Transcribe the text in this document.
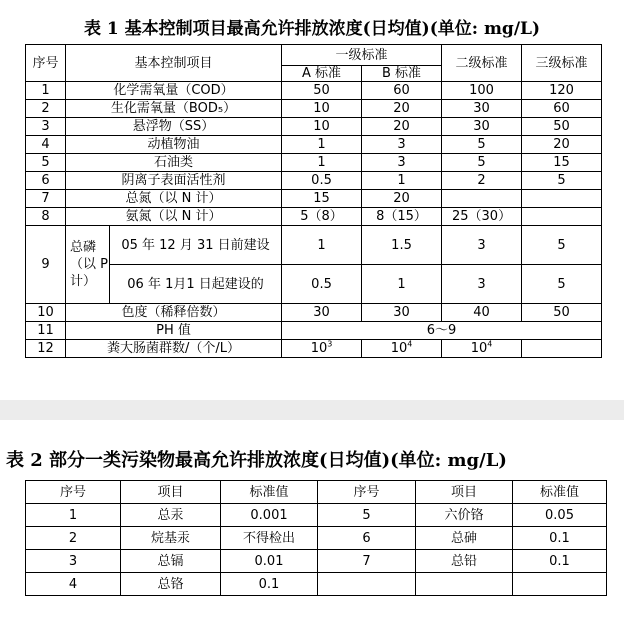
表 1 基本控制项目最高允许排放浓度(日均值)(单位: mg/L)
序号	基本控制项目		一级标准		二级标准	三级标准
			A 标准	B 标准		
1	化学需氧量（COD）		50	60	100	120
2	生化需氧量（BOD₅）		10	20	30	60
3	悬浮物（SS）		10	20	30	50
4	动植物油		1	3	5	20
5	石油类		1	3	5	15
6	阴离子表面活性剂		0.5	1	2	5
7	总氮（以 N 计）		15	20		
8	氨氮（以 N 计）		5（8）	8（15）	25（30）	
9	总磷（以 P 计）	05 年 12 月 31 日前建设	1	1.5	3	5
		06 年 1月1 日起建设的	0.5	1	3	5
10	色度（稀释倍数）		30	30	40	50
11	PH 值		6～9			
12	粪大肠菌群数/（个/L）		$10^3$	$10^4$	$10^4$	
表 2 部分一类污染物最高允许排放浓度(日均值)(单位: mg/L)
序号	项目	标准值	序号	项目	标准值
1	总汞	0.001	5	六价铬	0.05
2	烷基汞	不得检出	6	总砷	0.1
3	总镉	0.01	7	总铅	0.1
4	总铬	0.1			
